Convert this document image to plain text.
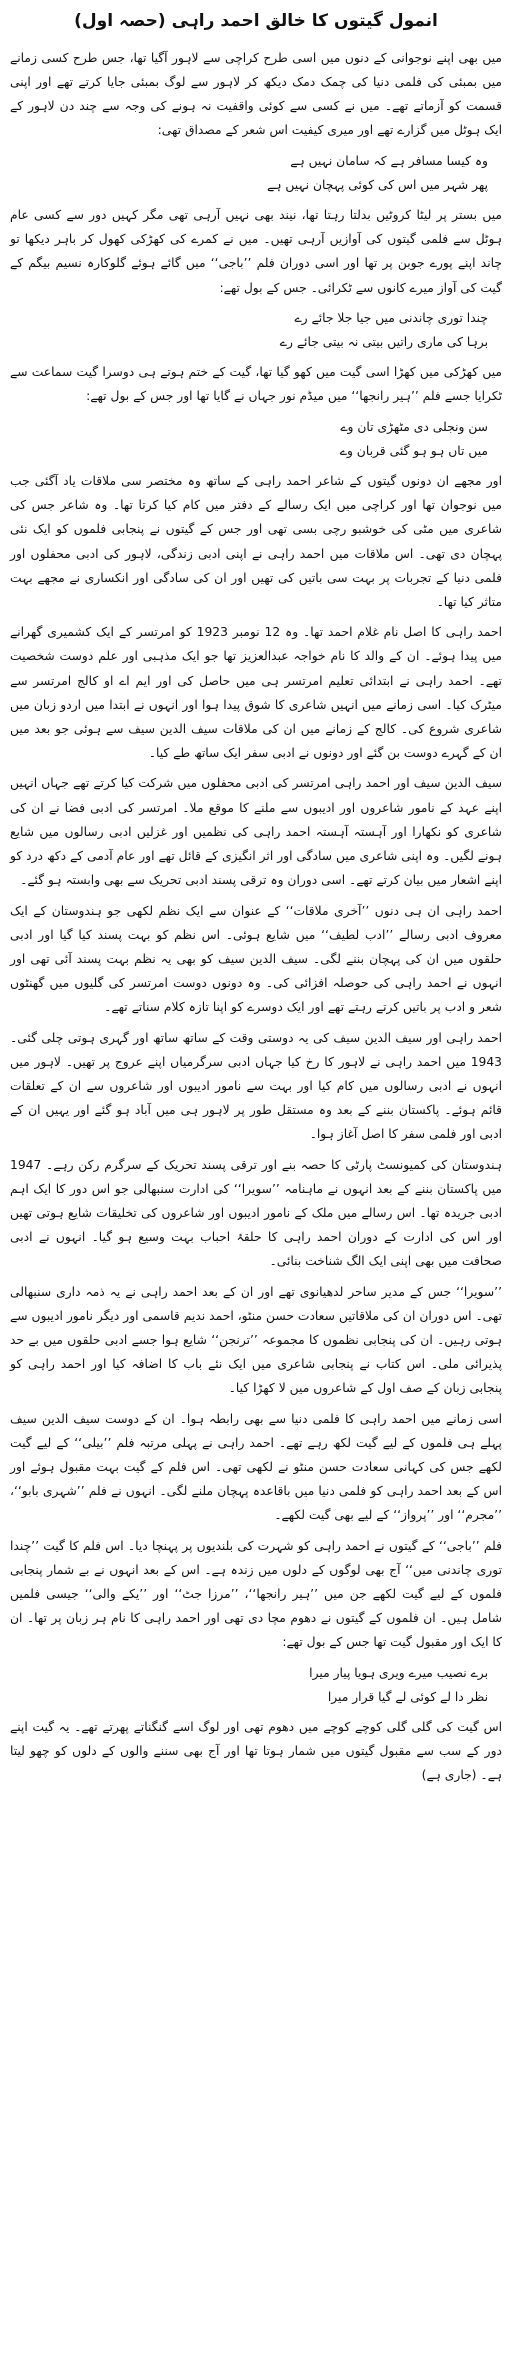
انمول گیتوں کا خالق احمد راہی (حصہ اول)

میں بھی اپنے نوجوانی کے دنوں میں اسی طرح کراچی سے لاہور آگیا تھا، جس طرح کسی زمانے میں بمبئی کی فلمی دنیا کی چمک دمک دیکھ کر لاہور سے لوگ بمبئی جایا کرتے تھے اور اپنی قسمت کو آزماتے تھے۔ میں نے کسی سے کوئی واقفیت نہ ہونے کی وجہ سے چند دن لاہور کے ایک ہوٹل میں گزارے تھے اور میری کیفیت اس شعر کے مصداق تھی:

وہ کیسا مسافر ہے کہ سامان نہیں ہے
پھر شہر میں اس کی کوئی پہچان نہیں ہے

میں بستر پر لیٹا کروٹیں بدلتا رہتا تھا، نیند بھی نہیں آرہی تھی مگر کہیں دور سے کسی عام ہوٹل سے فلمی گیتوں کی آوازیں آرہی تھیں۔ میں نے کمرے کی کھڑکی کھول کر باہر دیکھا تو چاند اپنے پورے جوبن پر تھا اور اسی دوران فلم ’’باجی‘‘ میں گائے ہوئے گلوکارہ نسیم بیگم کے گیت کی آواز میرے کانوں سے ٹکرائی۔ جس کے بول تھے:

چندا توری چاندنی میں جیا جلا جائے رے
برہا کی ماری راتیں بیتی نہ بیتی جائے رے

میں کھڑکی میں کھڑا اسی گیت میں کھو گیا تھا، گیت کے ختم ہوتے ہی دوسرا گیت سماعت سے ٹکرایا جسے فلم ’’ہیر رانجھا‘‘ میں میڈم نور جہاں نے گایا تھا اور جس کے بول تھے:

سن ونجلی دی مٹھڑی تان وے
میں تاں ہو ہو گئی قربان وے

اور مجھے ان دونوں گیتوں کے شاعر احمد راہی کے ساتھ وہ مختصر سی ملاقات یاد آگئی جب میں نوجوان تھا اور کراچی میں ایک رسالے کے دفتر میں کام کیا کرتا تھا۔ وہ شاعر جس کی شاعری میں مٹی کی خوشبو رچی بسی تھی اور جس کے گیتوں نے پنجابی فلموں کو ایک نئی پہچان دی تھی۔ اس ملاقات میں احمد راہی نے اپنی ادبی زندگی، لاہور کی ادبی محفلوں اور فلمی دنیا کے تجربات پر بہت سی باتیں کی تھیں اور ان کی سادگی اور انکساری نے مجھے بہت متاثر کیا تھا۔

احمد راہی کا اصل نام غلام احمد تھا۔ وہ 12 نومبر 1923 کو امرتسر کے ایک کشمیری گھرانے میں پیدا ہوئے۔ ان کے والد کا نام خواجہ عبدالعزیز تھا جو ایک مذہبی اور علم دوست شخصیت تھے۔ احمد راہی نے ابتدائی تعلیم امرتسر ہی میں حاصل کی اور ایم اے او کالج امرتسر سے میٹرک کیا۔ اسی زمانے میں انہیں شاعری کا شوق پیدا ہوا اور انہوں نے ابتدا میں اردو زبان میں شاعری شروع کی۔ کالج کے زمانے میں ان کی ملاقات سیف الدین سیف سے ہوئی جو بعد میں ان کے گہرے دوست بن گئے اور دونوں نے ادبی سفر ایک ساتھ طے کیا۔

سیف الدین سیف اور احمد راہی امرتسر کی ادبی محفلوں میں شرکت کیا کرتے تھے جہاں انہیں اپنے عہد کے نامور شاعروں اور ادیبوں سے ملنے کا موقع ملا۔ امرتسر کی ادبی فضا نے ان کی شاعری کو نکھارا اور آہستہ آہستہ احمد راہی کی نظمیں اور غزلیں ادبی رسالوں میں شایع ہونے لگیں۔ وہ اپنی شاعری میں سادگی اور اثر انگیزی کے قائل تھے اور عام آدمی کے دکھ درد کو اپنے اشعار میں بیان کرتے تھے۔ اسی دوران وہ ترقی پسند ادبی تحریک سے بھی وابستہ ہو گئے۔

احمد راہی ان ہی دنوں ’’آخری ملاقات‘‘ کے عنوان سے ایک نظم لکھی جو ہندوستان کے ایک معروف ادبی رسالے ’’ادب لطیف‘‘ میں شایع ہوئی۔ اس نظم کو بہت پسند کیا گیا اور ادبی حلقوں میں ان کی پہچان بننے لگی۔ سیف الدین سیف کو بھی یہ نظم بہت پسند آئی تھی اور انہوں نے احمد راہی کی حوصلہ افزائی کی۔ وہ دونوں دوست امرتسر کی گلیوں میں گھنٹوں شعر و ادب پر باتیں کرتے رہتے تھے اور ایک دوسرے کو اپنا تازہ کلام سناتے تھے۔

احمد راہی اور سیف الدین سیف کی یہ دوستی وقت کے ساتھ ساتھ اور گہری ہوتی چلی گئی۔ 1943 میں احمد راہی نے لاہور کا رخ کیا جہاں ادبی سرگرمیاں اپنے عروج پر تھیں۔ لاہور میں انہوں نے ادبی رسالوں میں کام کیا اور بہت سے نامور ادیبوں اور شاعروں سے ان کے تعلقات قائم ہوئے۔ پاکستان بننے کے بعد وہ مستقل طور پر لاہور ہی میں آباد ہو گئے اور یہیں ان کے ادبی اور فلمی سفر کا اصل آغاز ہوا۔

ہندوستان کی کمیونسٹ پارٹی کا حصہ بنے اور ترقی پسند تحریک کے سرگرم رکن رہے۔ 1947 میں پاکستان بننے کے بعد انہوں نے ماہنامہ ’’سویرا‘‘ کی ادارت سنبھالی جو اس دور کا ایک اہم ادبی جریدہ تھا۔ اس رسالے میں ملک کے نامور ادیبوں اور شاعروں کی تخلیقات شایع ہوتی تھیں اور اس کی ادارت کے دوران احمد راہی کا حلقۂ احباب بہت وسیع ہو گیا۔ انہوں نے ادبی صحافت میں بھی اپنی ایک الگ شناخت بنائی۔

’’سویرا‘‘ جس کے مدیر ساحر لدھیانوی تھے اور ان کے بعد احمد راہی نے یہ ذمہ داری سنبھالی تھی۔ اس دوران ان کی ملاقاتیں سعادت حسن منٹو، احمد ندیم قاسمی اور دیگر نامور ادیبوں سے ہوتی رہیں۔ ان کی پنجابی نظموں کا مجموعہ ’’ترنجن‘‘ شایع ہوا جسے ادبی حلقوں میں بے حد پذیرائی ملی۔ اس کتاب نے پنجابی شاعری میں ایک نئے باب کا اضافہ کیا اور احمد راہی کو پنجابی زبان کے صف اول کے شاعروں میں لا کھڑا کیا۔

اسی زمانے میں احمد راہی کا فلمی دنیا سے بھی رابطہ ہوا۔ ان کے دوست سیف الدین سیف پہلے ہی فلموں کے لیے گیت لکھ رہے تھے۔ احمد راہی نے پہلی مرتبہ فلم ’’بیلی‘‘ کے لیے گیت لکھے جس کی کہانی سعادت حسن منٹو نے لکھی تھی۔ اس فلم کے گیت بہت مقبول ہوئے اور اس کے بعد احمد راہی کو فلمی دنیا میں باقاعدہ پہچان ملنے لگی۔ انہوں نے فلم ’’شہری بابو‘‘، ’’مجرم‘‘ اور ’’پرواز‘‘ کے لیے بھی گیت لکھے۔

فلم ’’باجی‘‘ کے گیتوں نے احمد راہی کو شہرت کی بلندیوں پر پہنچا دیا۔ اس فلم کا گیت ’’چندا توری چاندنی میں‘‘ آج بھی لوگوں کے دلوں میں زندہ ہے۔ اس کے بعد انہوں نے بے شمار پنجابی فلموں کے لیے گیت لکھے جن میں ’’ہیر رانجھا‘‘، ’’مرزا جٹ‘‘ اور ’’یکے والی‘‘ جیسی فلمیں شامل ہیں۔ ان فلموں کے گیتوں نے دھوم مچا دی تھی اور احمد راہی کا نام ہر زبان پر تھا۔ ان کا ایک اور مقبول گیت تھا جس کے بول تھے:

برے نصیب میرے ویری ہویا پیار میرا
نظر دا لے کوئی لے گیا قرار میرا

اس گیت کی گلی گلی کوچے کوچے میں دھوم تھی اور لوگ اسے گنگناتے پھرتے تھے۔ یہ گیت اپنے دور کے سب سے مقبول گیتوں میں شمار ہوتا تھا اور آج بھی سننے والوں کے دلوں کو چھو لیتا ہے۔ (جاری ہے)
